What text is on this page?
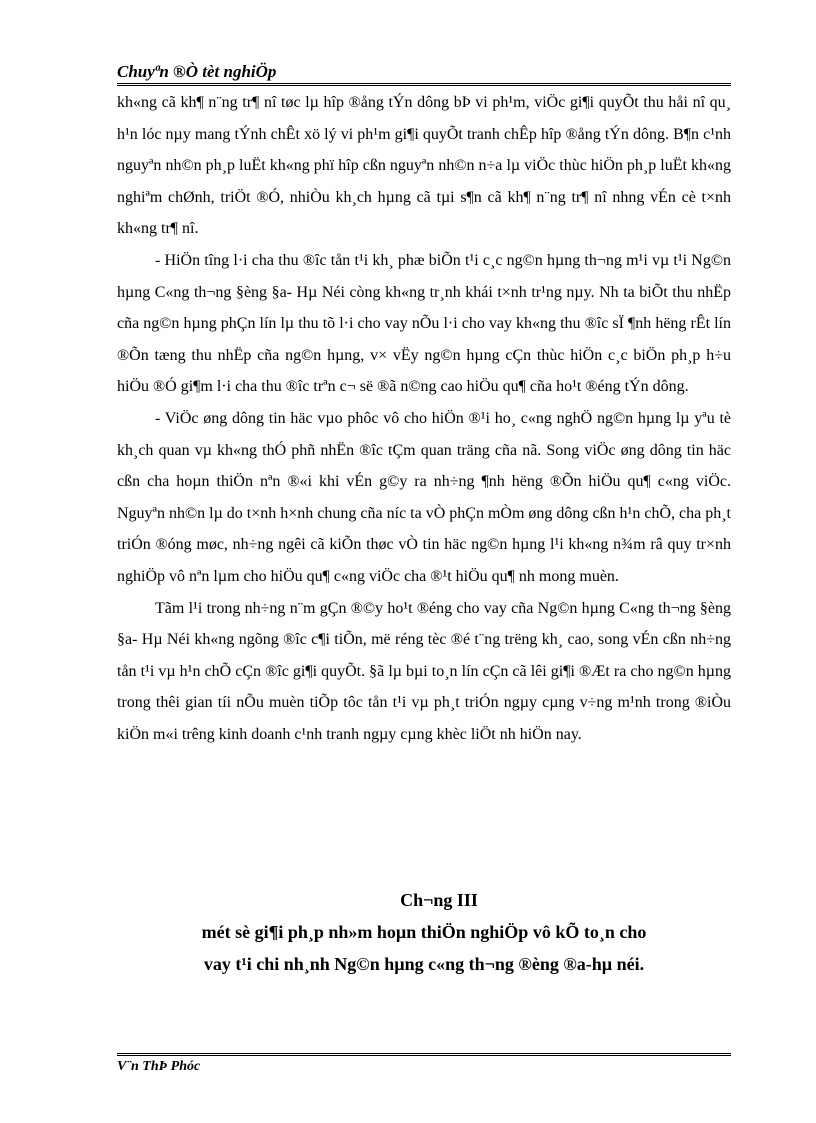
Chuyªn ®Ò tèt nghiÖp

kh«ng cã kh¶ n¨ng tr¶ nî tøc lµ hîp ®ång tÝn dông bÞ vi ph¹m, viÖc gi¶i quyÕt thu håi nî qu¸ h¹n lóc nµy mang tÝnh chÊt xö lý vi ph¹m gi¶i quyÕt tranh chÊp hîp ®ång tÝn dông. B¶n c¹nh nguyªn nh©n ph¸p luËt kh«ng phï hîp cßn nguyªn nh©n n÷a lµ viÖc thùc hiÖn ph¸p luËt kh«ng nghiªm chØnh, triÖt ®Ó, nhiÒu kh¸ch hµng cã tµi s¶n cã kh¶ n¨ng tr¶ nî nhng vÉn cè t×nh kh«ng tr¶ nî.

- HiÖn tîng l·i cha thu ®îc tån t¹i kh¸ phæ biÕn t¹i c¸c ng©n hµng th¬ng m¹i vµ t¹i Ng©n hµng C«ng th¬ng §èng §a- Hµ Néi còng kh«ng tr¸nh khái t×nh tr¹ng nµy. Nh ta biÕt thu nhËp cña ng©n hµng phÇn lín lµ thu tõ l·i cho vay nÕu l·i cho vay kh«ng thu ®îc sÏ ¶nh hëng rÊt lín ®Õn tæng thu nhËp cña ng©n hµng, v× vËy ng©n hµng cÇn thùc hiÖn c¸c biÖn ph¸p h÷u hiÖu ®Ó gi¶m l·i cha thu ®îc trªn c¬ së ®ã n©ng cao hiÖu qu¶ cña ho¹t ®éng tÝn dông.

- ViÖc øng dông tin häc vµo phôc vô cho hiÖn ®¹i ho¸ c«ng nghÖ ng©n hµng lµ yªu tè kh¸ch quan vµ kh«ng thÓ phñ nhËn ®îc tÇm quan träng cña nã. Song viÖc øng dông tin häc cßn cha hoµn thiÖn nªn ®«i khi vÉn g©y ra nh÷ng ¶nh hëng ®Õn hiÖu qu¶ c«ng viÖc. Nguyªn nh©n lµ do t×nh h×nh chung cña níc ta vÒ phÇn mÒm øng dông cßn h¹n chÕ, cha ph¸t triÓn ®óng møc, nh÷ng ngêi cã kiÕn thøc vÒ tin häc ng©n hµng l¹i kh«ng n¾m râ quy tr×nh nghiÖp vô nªn lµm cho hiÖu qu¶ c«ng viÖc cha ®¹t hiÖu qu¶ nh mong muèn.

Tãm l¹i trong nh÷ng n¨m gÇn ®©y ho¹t ®éng cho vay cña Ng©n hµng C«ng th¬ng §èng §a- Hµ Néi kh«ng ngõng ®îc c¶i tiÕn, më réng tèc ®é t¨ng trëng kh¸ cao, song vÉn cßn nh÷ng tån t¹i vµ h¹n chÕ cÇn ®îc gi¶i quyÕt. §ã lµ bµi to¸n lín cÇn cã lêi gi¶i ®Æt ra cho ng©n hµng trong thêi gian tíi nÕu muèn tiÕp tôc tån t¹i vµ ph¸t triÓn ngµy cµng v÷ng m¹nh trong ®iÒu kiÖn m«i trêng kinh doanh c¹nh tranh ngµy cµng khèc liÖt nh hiÖn nay.

Ch¬ng III
mét sè gi¶i ph¸p nh»m hoµn thiÖn nghiÖp vô kÕ to¸n cho
vay t¹i chi nh¸nh Ng©n hµng c«ng th¬ng ®èng ®a-hµ néi.
V¨n ThÞ Phóc
